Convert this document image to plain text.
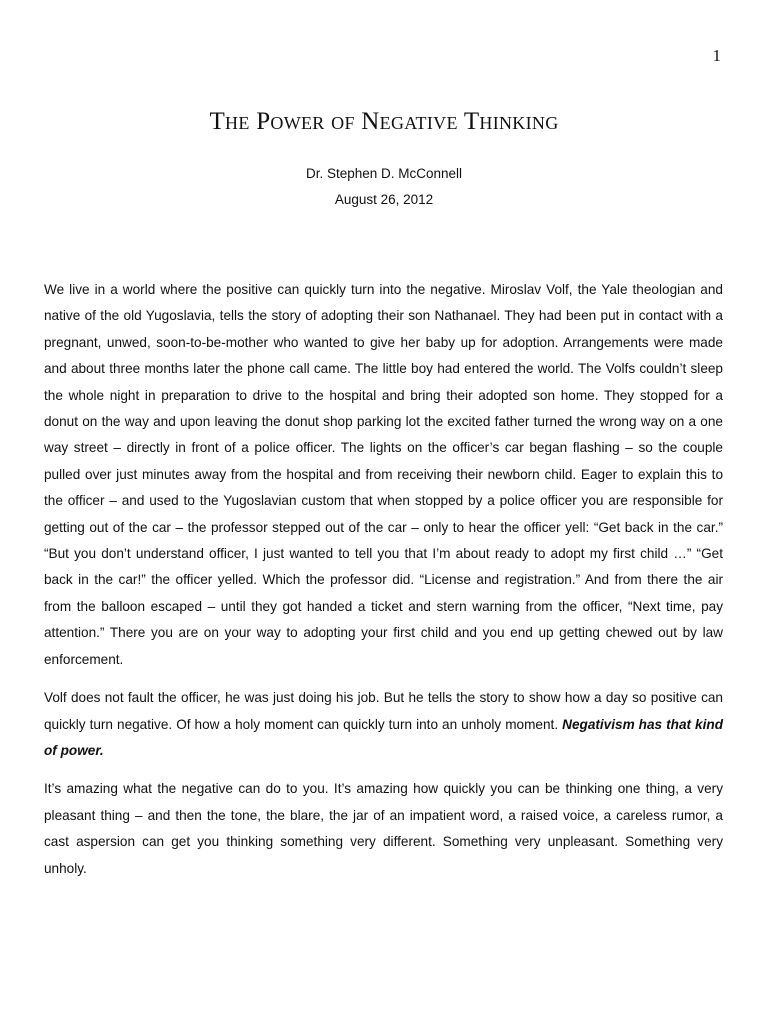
1
The Power of Negative Thinking
Dr. Stephen D. McConnell
August 26, 2012

We live in a world where the positive can quickly turn into the negative. Miroslav Volf, the Yale theologian and native of the old Yugoslavia, tells the story of adopting their son Nathanael. They had been put in contact with a pregnant, unwed, soon-to-be-mother who wanted to give her baby up for adoption. Arrangements were made and about three months later the phone call came. The little boy had entered the world. The Volfs couldn’t sleep the whole night in preparation to drive to the hospital and bring their adopted son home. They stopped for a donut on the way and upon leaving the donut shop parking lot the excited father turned the wrong way on a one way street – directly in front of a police officer. The lights on the officer’s car began flashing – so the couple pulled over just minutes away from the hospital and from receiving their newborn child. Eager to explain this to the officer – and used to the Yugoslavian custom that when stopped by a police officer you are responsible for getting out of the car – the professor stepped out of the car – only to hear the officer yell: “Get back in the car.” “But you don’t understand officer, I just wanted to tell you that I’m about ready to adopt my first child …” “Get back in the car!” the officer yelled. Which the professor did. “License and registration.” And from there the air from the balloon escaped – until they got handed a ticket and stern warning from the officer, “Next time, pay attention.” There you are on your way to adopting your first child and you end up getting chewed out by law enforcement.

Volf does not fault the officer, he was just doing his job. But he tells the story to show how a day so positive can quickly turn negative. Of how a holy moment can quickly turn into an unholy moment. Negativism has that kind of power.

It’s amazing what the negative can do to you. It’s amazing how quickly you can be thinking one thing, a very pleasant thing – and then the tone, the blare, the jar of an impatient word, a raised voice, a careless rumor, a cast aspersion can get you thinking something very different. Something very unpleasant. Something very unholy.
